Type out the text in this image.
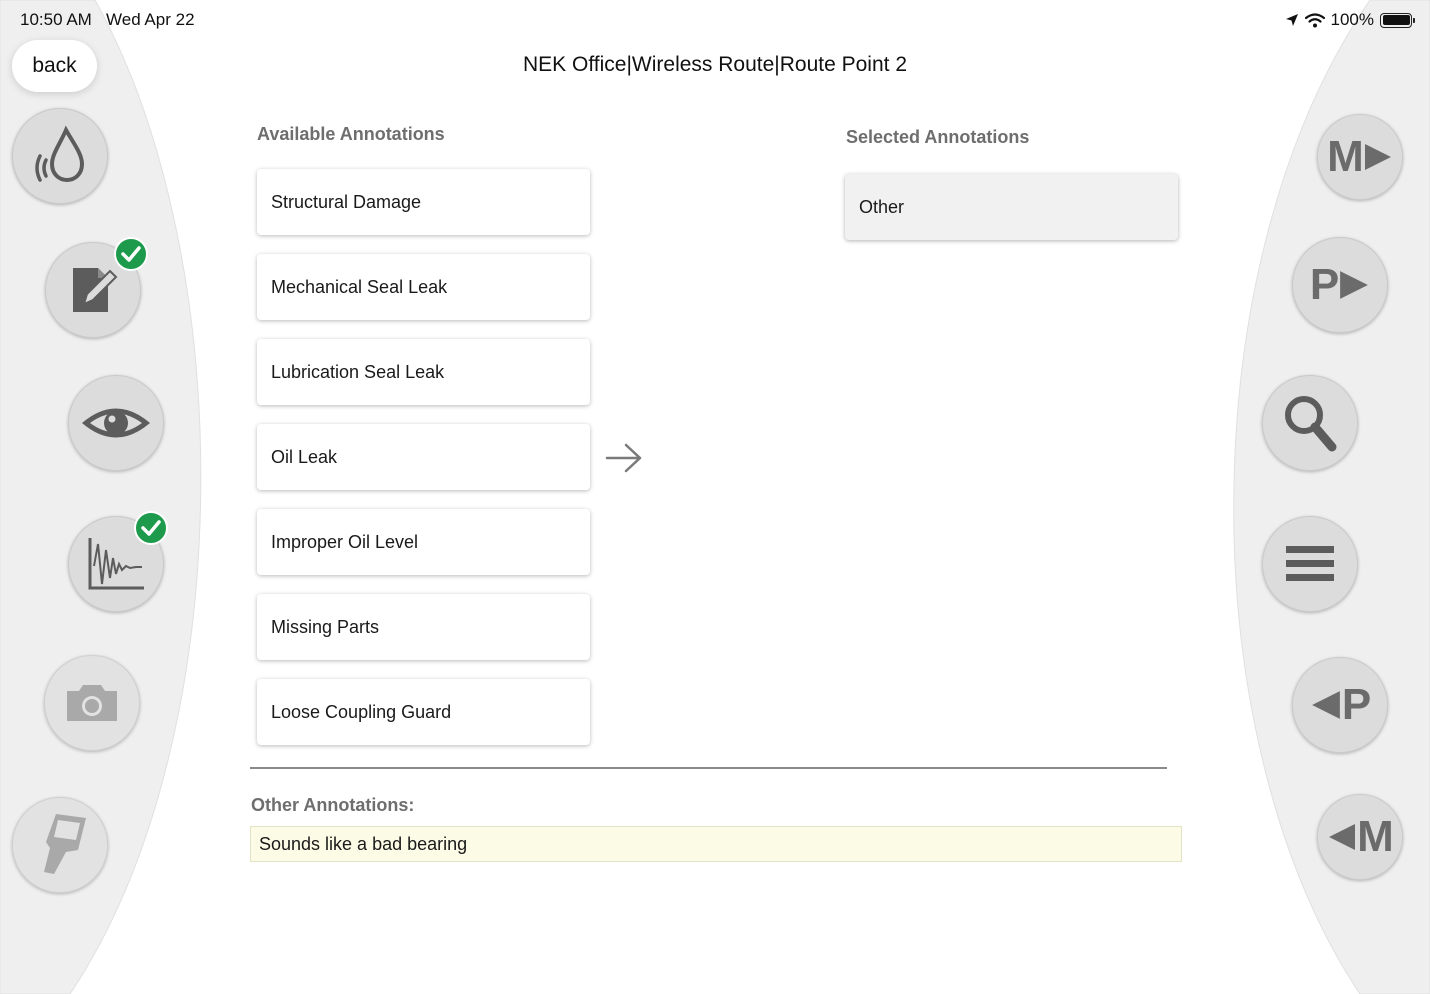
10:50 AM Wed Apr 22	100%
back	NEK Office|Wireless Route|Route Point 2
M
P
P
M
Available Annotations	Selected Annotations
Structural Damage
Mechanical Seal Leak
Lubrication Seal Leak
Oil Leak
Improper Oil Level
Missing Parts
Loose Coupling Guard
Other
Other Annotations:
Sounds like a bad bearing
